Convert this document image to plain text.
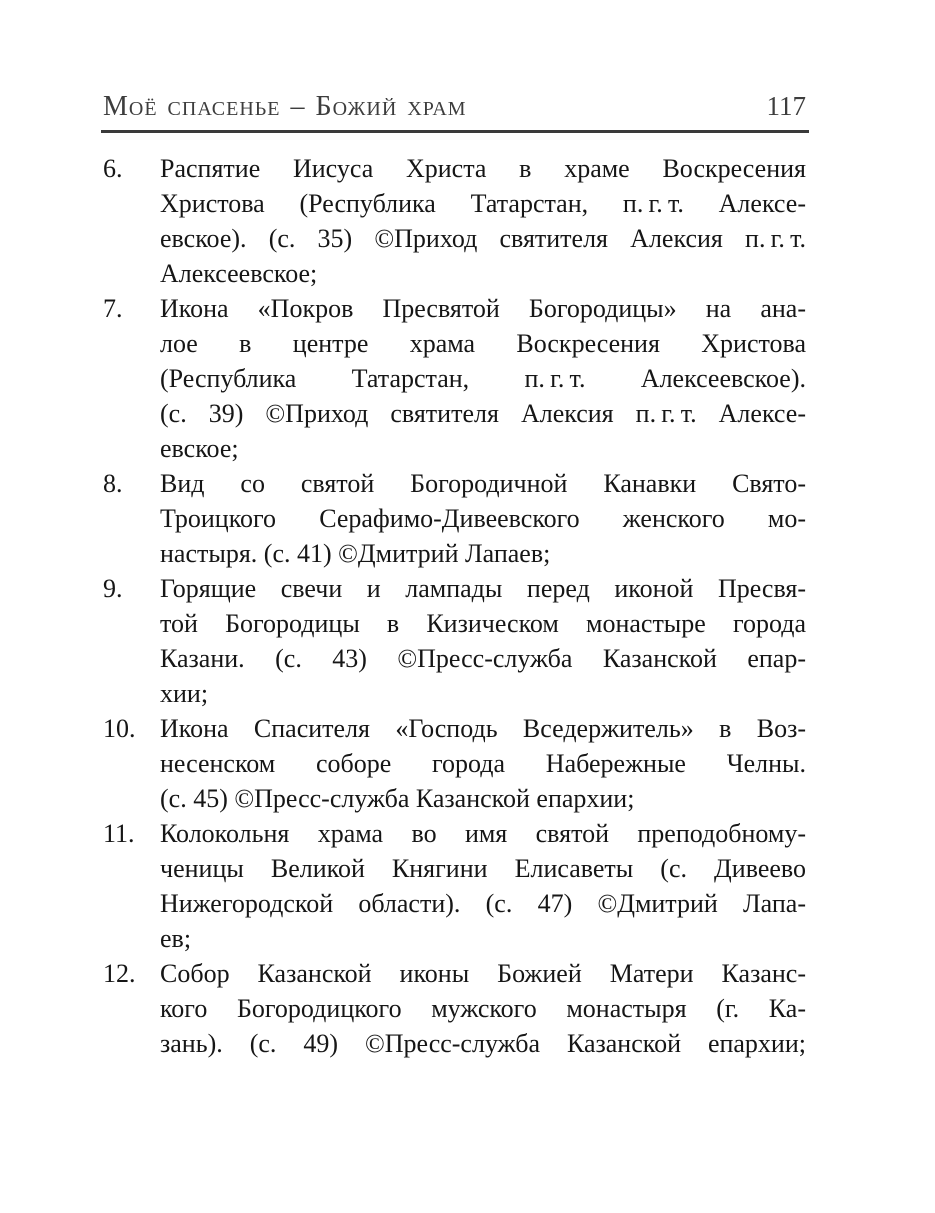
Моё спасенье – Божий храм	117
6.	Распятие Иисуса Христа в храме Воскресения
Христова (Республика Татарстан, п. г. т. Алексе-
евское). (с. 35) ©Приход святителя Алексия п. г. т.
Алексеевское;
7.	Икона «Покров Пресвятой Богородицы» на ана-
лое в центре храма Воскресения Христова
(Республика Татарстан, п. г. т. Алексеевское).
(с. 39) ©Приход святителя Алексия п. г. т. Алексе-
евское;
8.	Вид со святой Богородичной Канавки Свято-
Троицкого Серафимо-Дивеевского женского мо-
настыря. (с. 41) ©Дмитрий Лапаев;
9.	Горящие свечи и лампады перед иконой Пресвя-
той Богородицы в Кизическом монастыре города
Казани. (с. 43) ©Пресс-служба Казанской епар-
хии;
10. Икона Спасителя «Господь Вседержитель» в Воз-
несенском соборе города Набережные Челны.
(с. 45) ©Пресс-служба Казанской епархии;
11. Колокольня храма во имя святой преподобному-
ченицы Великой Княгини Елисаветы (с. Дивеево
Нижегородской области). (с. 47) ©Дмитрий Лапа-
ев;
12. Собор Казанской иконы Божией Матери Казанс-
кого Богородицкого мужского монастыря (г. Ка-
зань). (с. 49) ©Пресс-служба Казанской епархии;
